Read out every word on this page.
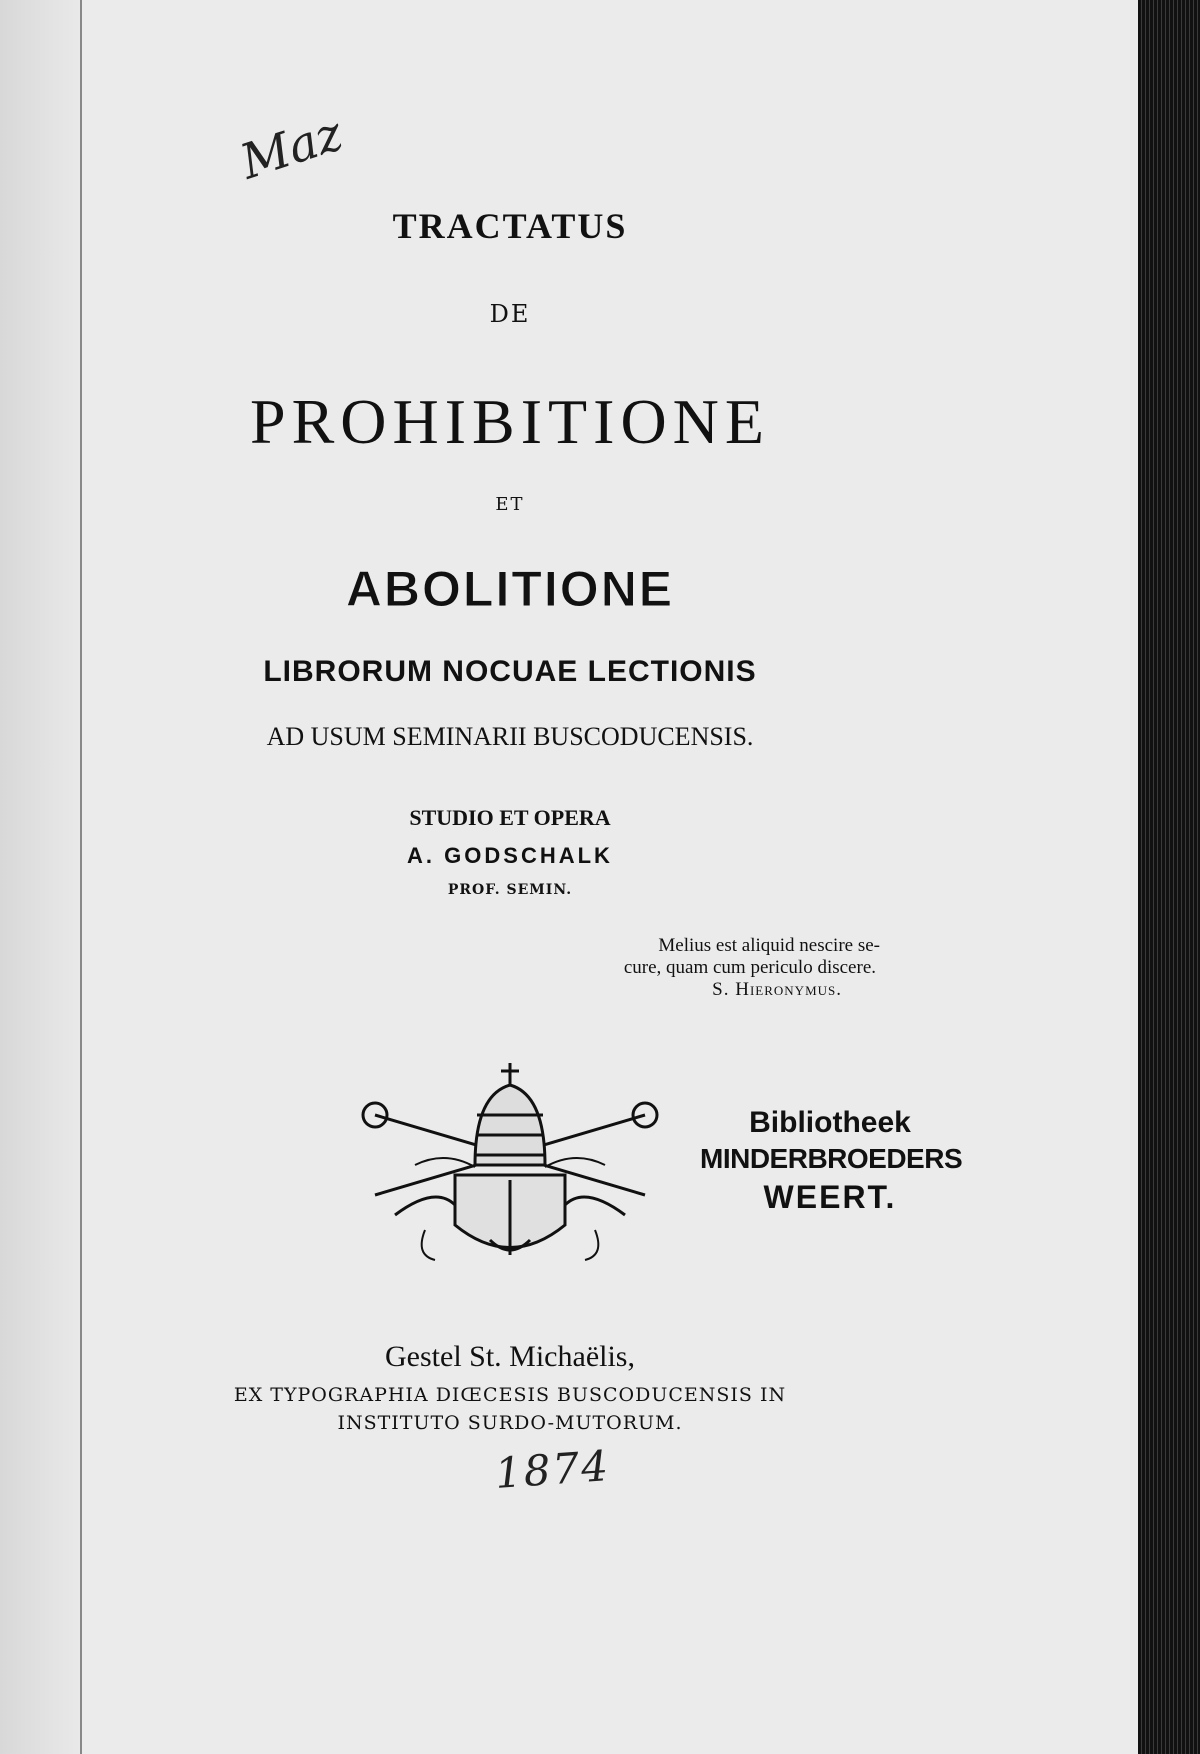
Maz
TRACTATUS
DE
PROHIBITIONE
ET
ABOLITIONE
LIBRORUM NOCUAE LECTIONIS
AD USUM SEMINARII BUSCODUCENSIS.
STUDIO ET OPERA
A. GODSCHALK
PROF. SEMIN.
Melius est aliquid nescire se-
cure, quam cum periculo discere.
S. Hieronymus.
Bibliotheek
MINDERBROEDERS
WEERT.
Gestel St. Michaëlis,
EX TYPOGRAPHIA DIŒCESIS BUSCODUCENSIS IN
INSTITUTO SURDO-MUTORUM.
1874
